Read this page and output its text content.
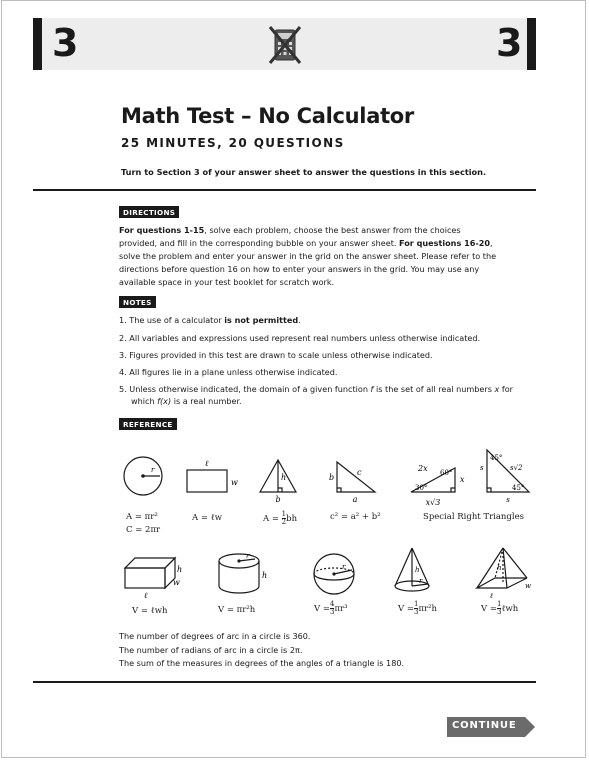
3	3
Math Test – No Calculator
25 MINUTES, 20 QUESTIONS
Turn to Section 3 of your answer sheet to answer the questions in this section.
DIRECTIONS
For questions 1-15, solve each problem, choose the best answer from the choices provided, and fill in the corresponding bubble on your answer sheet. For questions 16-20, solve the problem and enter your answer in the grid on the answer sheet. Please refer to the directions before question 16 on how to enter your answers in the grid. You may use any available space in your test booklet for scratch work.
NOTES
1. The use of a calculator is not permitted.
2. All variables and expressions used represent real numbers unless otherwise indicated.
3. Figures provided in this test are drawn to scale unless otherwise indicated.
4. All figures lie in a plane unless otherwise indicated.
5. Unless otherwise indicated, the domain of a given function f is the set of all real numbers x for
which f(x) is a real number.
REFERENCE
r
ℓ
w
h
b
b
c
a
2x 60°
30°
x
x√3
s
45°
s√2
45°
s
A = πr²
C = 2πr
A = ℓw	$A = \frac{1}{2}$ bh	c² = a² + b²	Special Right Triangles
h
w
ℓ
r
h
r	h
r
h
w
ℓ
V = ℓwh	V = πr²h	$V = \frac{4}{3} \pi r^3$	$V = \frac{1}{3} \pi r^2h$	$V = \frac{1}{3}$ ℓwh
The number of degrees of arc in a circle is 360.
The number of radians of arc in a circle is 2π.
The sum of the measures in degrees of the angles of a triangle is 180.
CONTINUE
